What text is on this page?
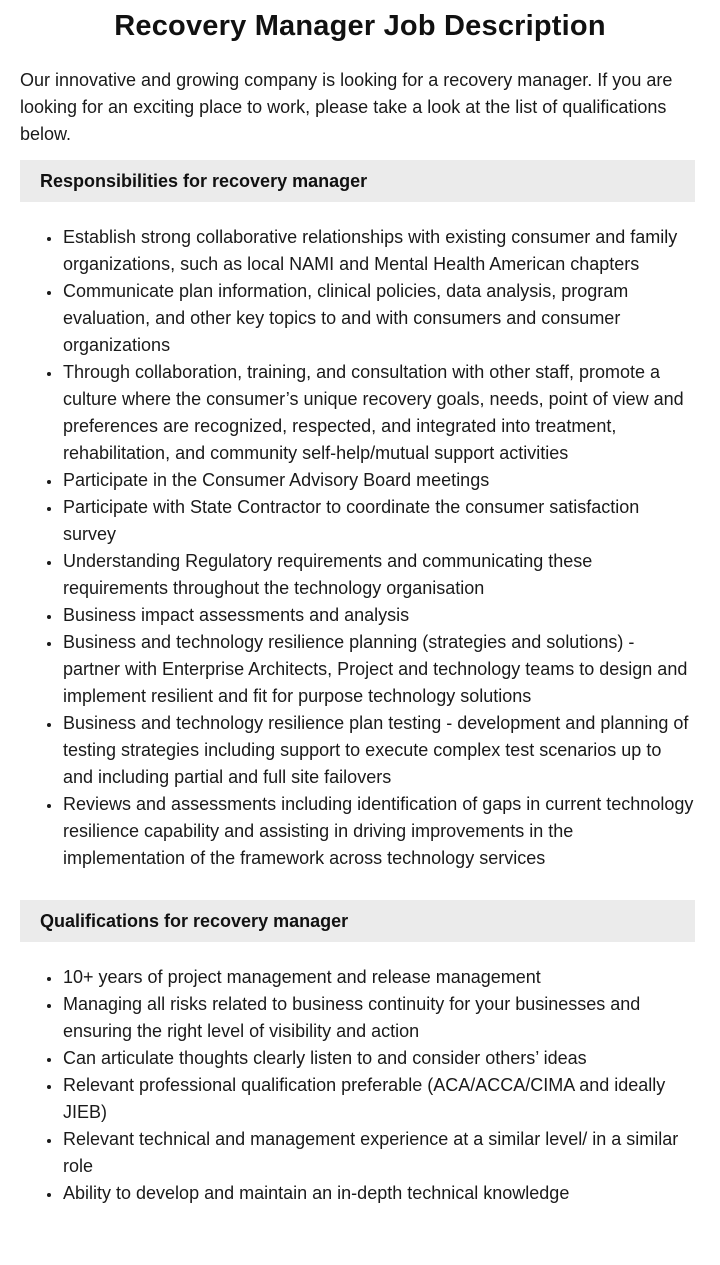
Recovery Manager Job Description

Our innovative and growing company is looking for a recovery manager. If you are looking for an exciting place to work, please take a look at the list of qualifications below.

Responsibilities for recovery manager
• Establish strong collaborative relationships with existing consumer and family organizations, such as local NAMI and Mental Health American chapters
• Communicate plan information, clinical policies, data analysis, program evaluation, and other key topics to and with consumers and consumer organizations
• Through collaboration, training, and consultation with other staff, promote a culture where the consumer’s unique recovery goals, needs, point of view and preferences are recognized, respected, and integrated into treatment, rehabilitation, and community self-help/mutual support activities
• Participate in the Consumer Advisory Board meetings
• Participate with State Contractor to coordinate the consumer satisfaction survey
• Understanding Regulatory requirements and communicating these requirements throughout the technology organisation
• Business impact assessments and analysis
• Business and technology resilience planning (strategies and solutions) - partner with Enterprise Architects, Project and technology teams to design and implement resilient and fit for purpose technology solutions
• Business and technology resilience plan testing - development and planning of testing strategies including support to execute complex test scenarios up to and including partial and full site failovers
• Reviews and assessments including identification of gaps in current technology resilience capability and assisting in driving improvements in the implementation of the framework across technology services
Qualifications for recovery manager
• 10+ years of project management and release management
• Managing all risks related to business continuity for your businesses and ensuring the right level of visibility and action
• Can articulate thoughts clearly listen to and consider others’ ideas
• Relevant professional qualification preferable (ACA/ACCA/CIMA and ideally JIEB)
• Relevant technical and management experience at a similar level/ in a similar role
• Ability to develop and maintain an in-depth technical knowledge
